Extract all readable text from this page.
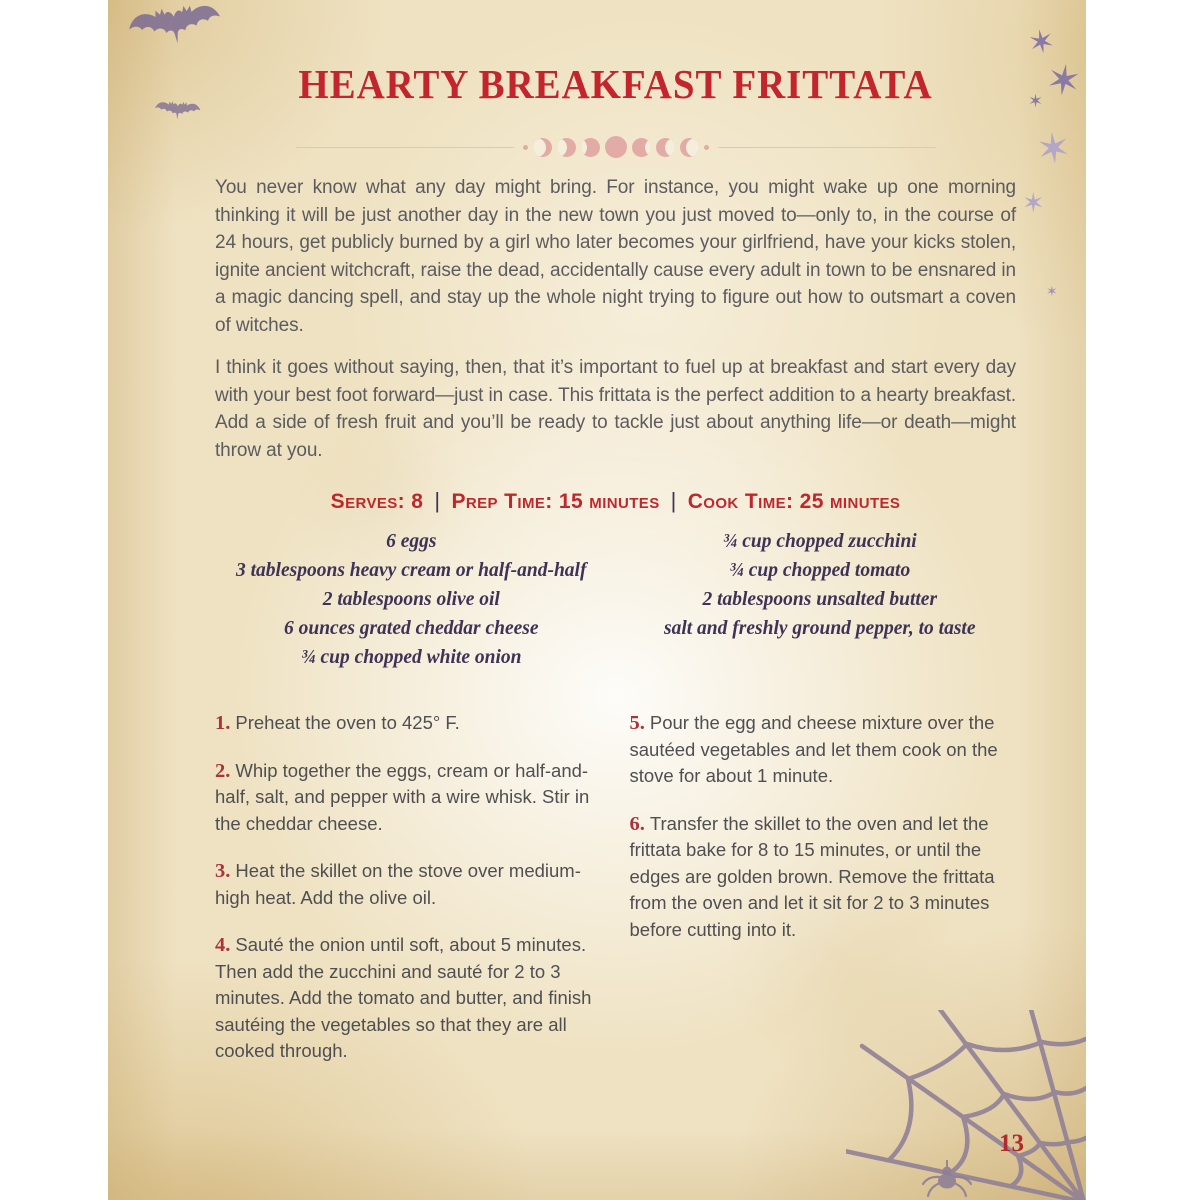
✶
✶
✶
✶
✶
✶
HEARTY BREAKFAST FRITTATA

You never know what any day might bring. For instance, you might wake up one morning thinking it will be just another day in the new town you just moved to—only to, in the course of 24 hours, get publicly burned by a girl who later becomes your girlfriend, have your kicks stolen, ignite ancient witchcraft, raise the dead, accidentally cause every adult in town to be ensnared in a magic dancing spell, and stay up the whole night trying to figure out how to outsmart a coven of witches.

I think it goes without saying, then, that it’s important to fuel up at breakfast and start every day with your best foot forward—just in case. This frittata is the perfect addition to a hearty breakfast. Add a side of fresh fruit and you’ll be ready to tackle just about anything life—or death—might throw at you.

Serves: 8 | Prep Time: 15 minutes | Cook Time: 25 minutes
6 eggs
3 tablespoons heavy cream or half-and-half
2 tablespoons olive oil
6 ounces grated cheddar cheese
¾ cup chopped white onion
¾ cup chopped zucchini
¾ cup chopped tomato
2 tablespoons unsalted butter
salt and freshly ground pepper, to taste

1. Preheat the oven to 425° F.

2. Whip together the eggs, cream or half-and-half, salt, and pepper with a wire whisk. Stir in the cheddar cheese.

3. Heat the skillet on the stove over medium-high heat. Add the olive oil.

4. Sauté the onion until soft, about 5 minutes. Then add the zucchini and sauté for 2 to 3 minutes. Add the tomato and butter, and finish sautéing the vegetables so that they are all cooked through.

5. Pour the egg and cheese mixture over the sautéed vegetables and let them cook on the stove for about 1 minute.

6. Transfer the skillet to the oven and let the frittata bake for 8 to 15 minutes, or until the edges are golden brown. Remove the frittata from the oven and let it sit for 2 to 3 minutes before cutting into it.

13
